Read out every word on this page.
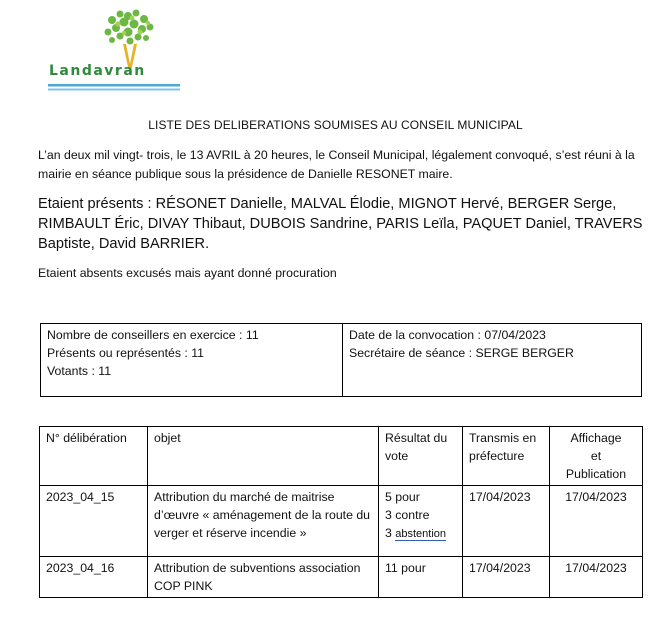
Landavran
LISTE DES DELIBERATIONS SOUMISES AU CONSEIL MUNICIPAL
L’an deux mil vingt- trois, le 13 AVRIL à 20 heures, le Conseil Municipal, légalement convoqué, s’est réuni à la mairie en séance publique sous la présidence de Danielle RESONET maire.
Etaient présents : RÉSONET Danielle, MALVAL Élodie, MIGNOT Hervé, BERGER Serge, RIMBAULT Éric, DIVAY Thibaut, DUBOIS Sandrine, PARIS Leïla, PAQUET Daniel, TRAVERS Baptiste, David BARRIER.
Etaient absents excusés mais ayant donné procuration
Nombre de conseillers en exercice : 11
Présents ou représentés : 11
Votants : 11

Date de la convocation : 07/04/2023
Secrétaire de séance : SERGE BERGER
N° délibération	objet	Résultat du vote	Transmis en préfecture	Affichage
et
Publication

2023_04_15	Attribution du marché de maitrise d’œuvre « aménagement de la route du verger et réserve incendie »	5 pour
3 contre
3 abstention	17/04/2023	17/04/2023
2023_04_16	Attribution de subventions association COP PINK	11 pour	17/04/2023	17/04/2023
